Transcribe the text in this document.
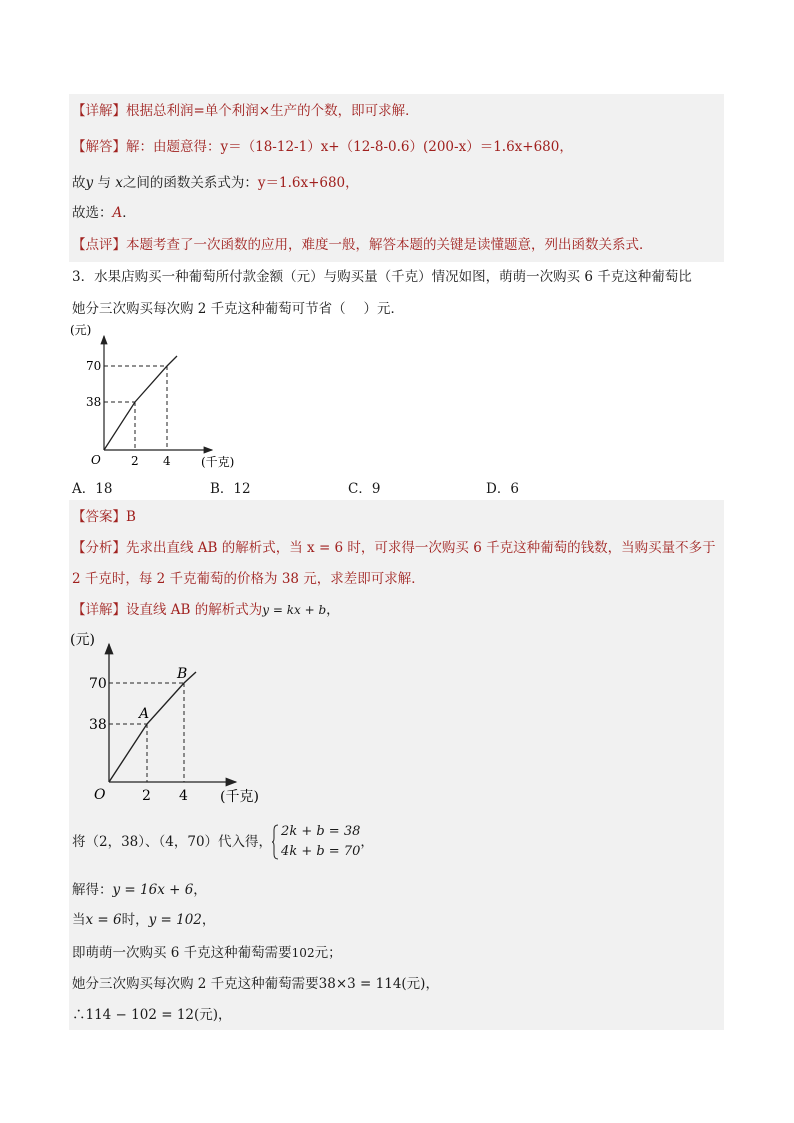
【详解】根据总利润=单个利润×生产的个数，即可求解．
【解答】解：由题意得：y＝（18-12-1）x+（12-8-0.6）(200-x）＝1.6x+680，
故y 与 x之间的函数关系式为：y＝1.6x+680，
故选：A．
【点评】本题考查了一次函数的应用，难度一般，解答本题的关键是读懂题意，列出函数关系式．
3．水果店购买一种葡萄所付款金额（元）与购买量（千克）情况如图，萌萌一次购买 6 千克这种葡萄比
她分三次购买每次购 2 千克这种葡萄可节省（　 ）元．
(元)
70
38
O	2 4	(千克)
A．18	B．12	C．9	D．6
【答案】B
【分析】先求出直线 AB 的解析式，当 x = 6 时，可求得一次购买 6 千克这种葡萄的钱数，当购买量不多于
2 千克时，每 2 千克葡萄的价格为 38 元，求差即可求解．
【详解】设直线 AB 的解析式为y = kx + b，
(元)
70
38
O	2 4 (千克)
A
B
将（2，38）、（4，70）代入得，
2k + b = 38
4k + b = 70
，
解得：y = 16x + 6，
当x = 6时，y = 102，
即萌萌一次购买 6 千克这种葡萄需要102元；
她分三次购买每次购 2 千克这种葡萄需要38×3 = 114(元)，
∴114 − 102 = 12(元)，
